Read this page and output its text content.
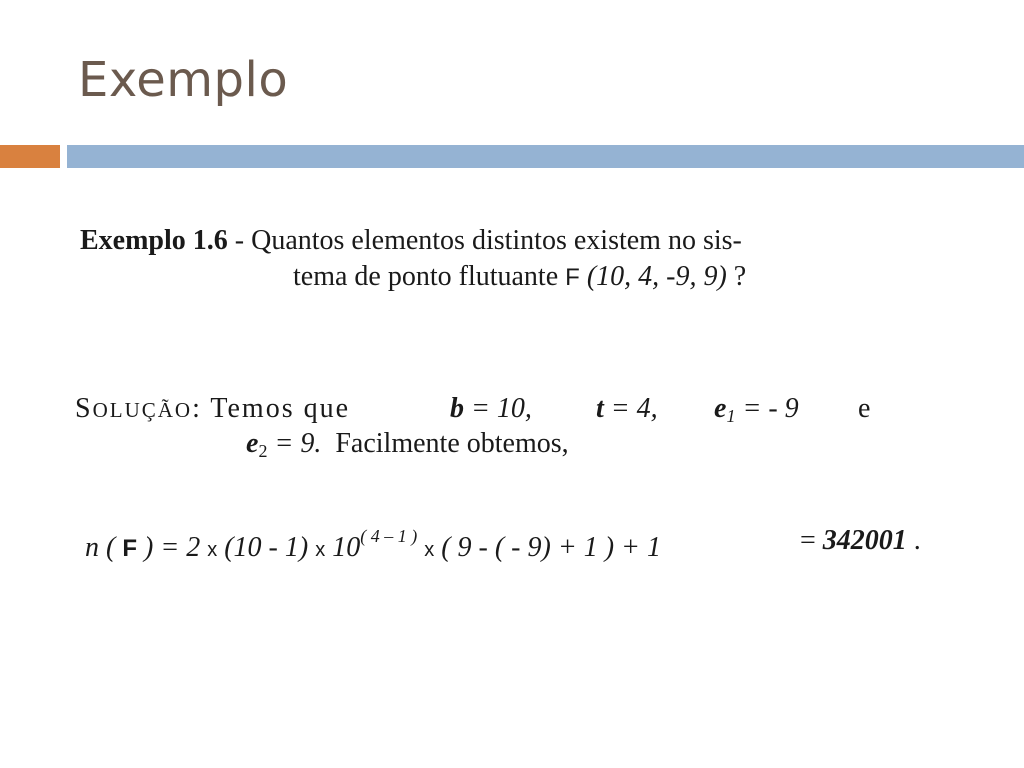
Exemplo
Exemplo 1.6 - Quantos elementos distintos existem no sis-
tema de ponto flutuante F (10, 4, -9, 9) ?
SOLUÇÃO: Temos que	b = 10, t = 4, $e_1$ = - 9 e
$e_2 = 9$. Facilmente obtemos,
n ( F ) = 2 x (10 - 1) x $10^{( 4 - 1 )}$ x ( 9 - ( - 9) + 1 ) + 1	= 342001 .
